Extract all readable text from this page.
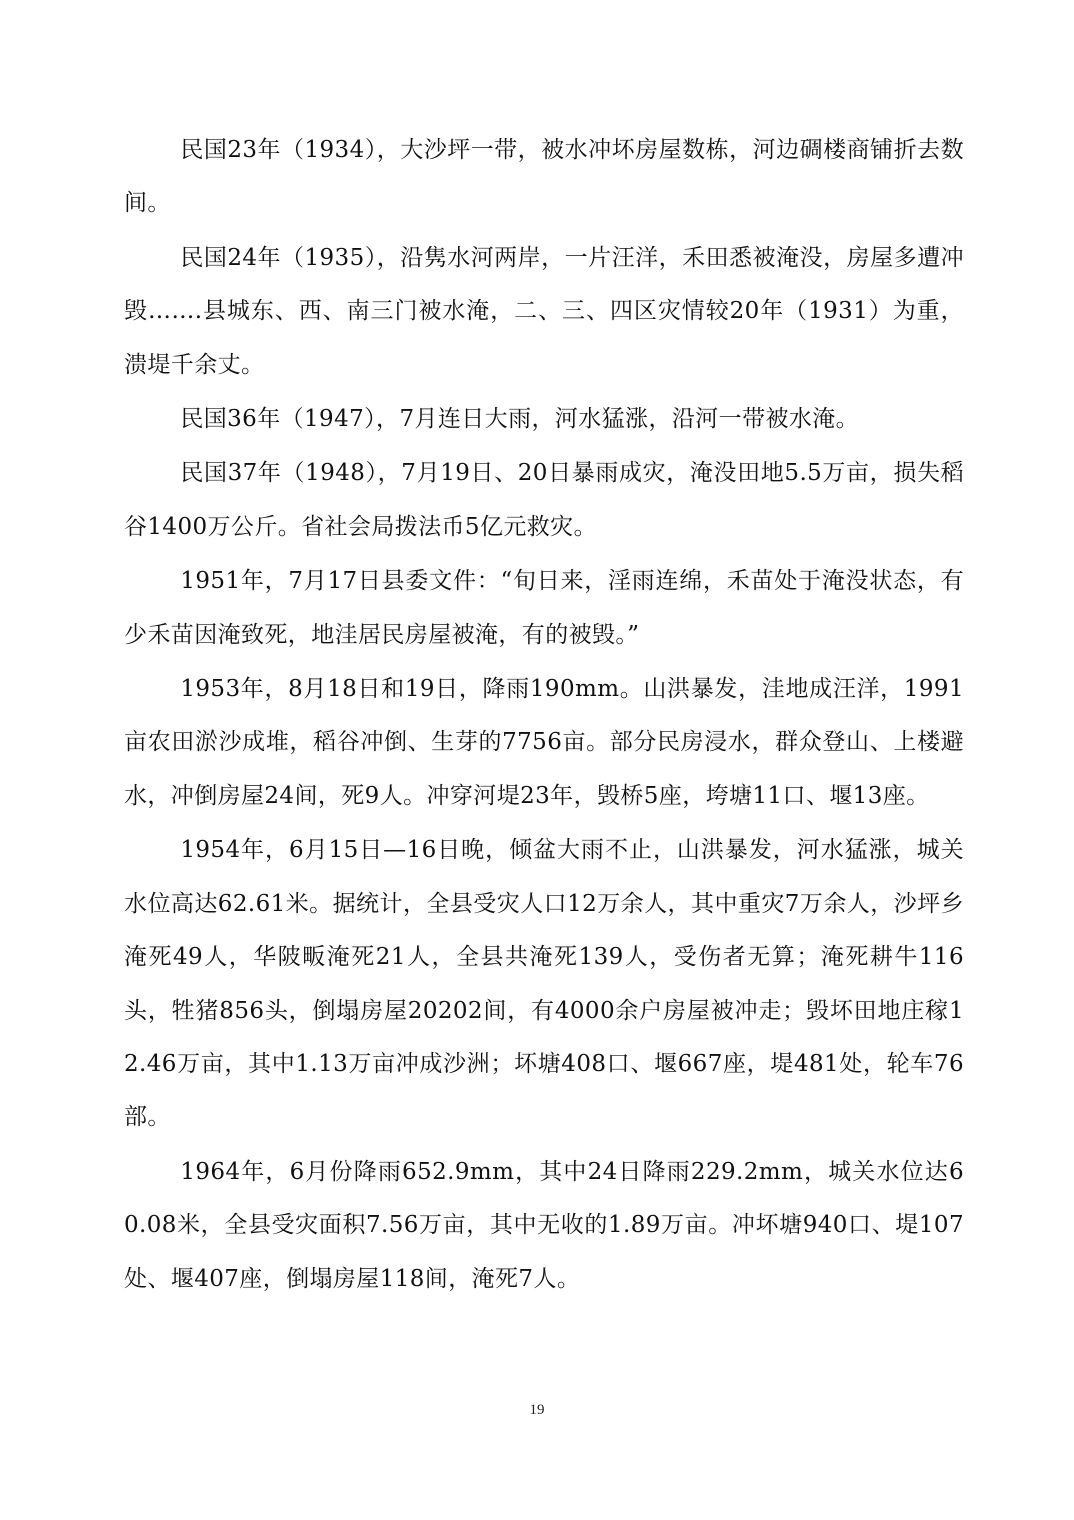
民国23年（1934），大沙坪一带，被水冲坏房屋数栋，河边碉楼商铺折去数间。

民国24年（1935），沿隽水河两岸，一片汪洋，禾田悉被淹没，房屋多遭冲毁…….县城东、西、南三门被水淹，二、三、四区灾情较20年（1931）为重，溃堤千余丈。

民国36年（1947），7月连日大雨，河水猛涨，沿河一带被水淹。

民国37年（1948），7月19日、20日暴雨成灾，淹没田地5.5万亩，损失稻谷1400万公斤。省社会局拨法币5亿元救灾。

1951年，7月17日县委文件：“旬日来，淫雨连绵，禾苗处于淹没状态，有少禾苗因淹致死，地洼居民房屋被淹，有的被毁。”

1953年，8月18日和19日，降雨190mm。山洪暴发，洼地成汪洋，1991亩农田淤沙成堆，稻谷冲倒、生芽的7756亩。部分民房浸水，群众登山、上楼避水，冲倒房屋24间，死9人。冲穿河堤23年，毁桥5座，垮塘11口、堰13座。

1954年，6月15日—16日晚，倾盆大雨不止，山洪暴发，河水猛涨，城关水位高达62.61米。据统计，全县受灾人口12万余人，其中重灾7万余人，沙坪乡淹死49人，华陂畈淹死21人，全县共淹死139人，受伤者无算；淹死耕牛116头，牲猪856头，倒塌房屋20202间，有4000余户房屋被冲走；毁坏田地庄稼12.46万亩，其中1.13万亩冲成沙洲；坏塘408口、堰667座，堤481处，轮车76部。

1964年，6月份降雨652.9mm，其中24日降雨229.2mm，城关水位达60.08米，全县受灾面积7.56万亩，其中无收的1.89万亩。冲坏塘940口、堤107处、堰407座，倒塌房屋118间，淹死7人。

19
